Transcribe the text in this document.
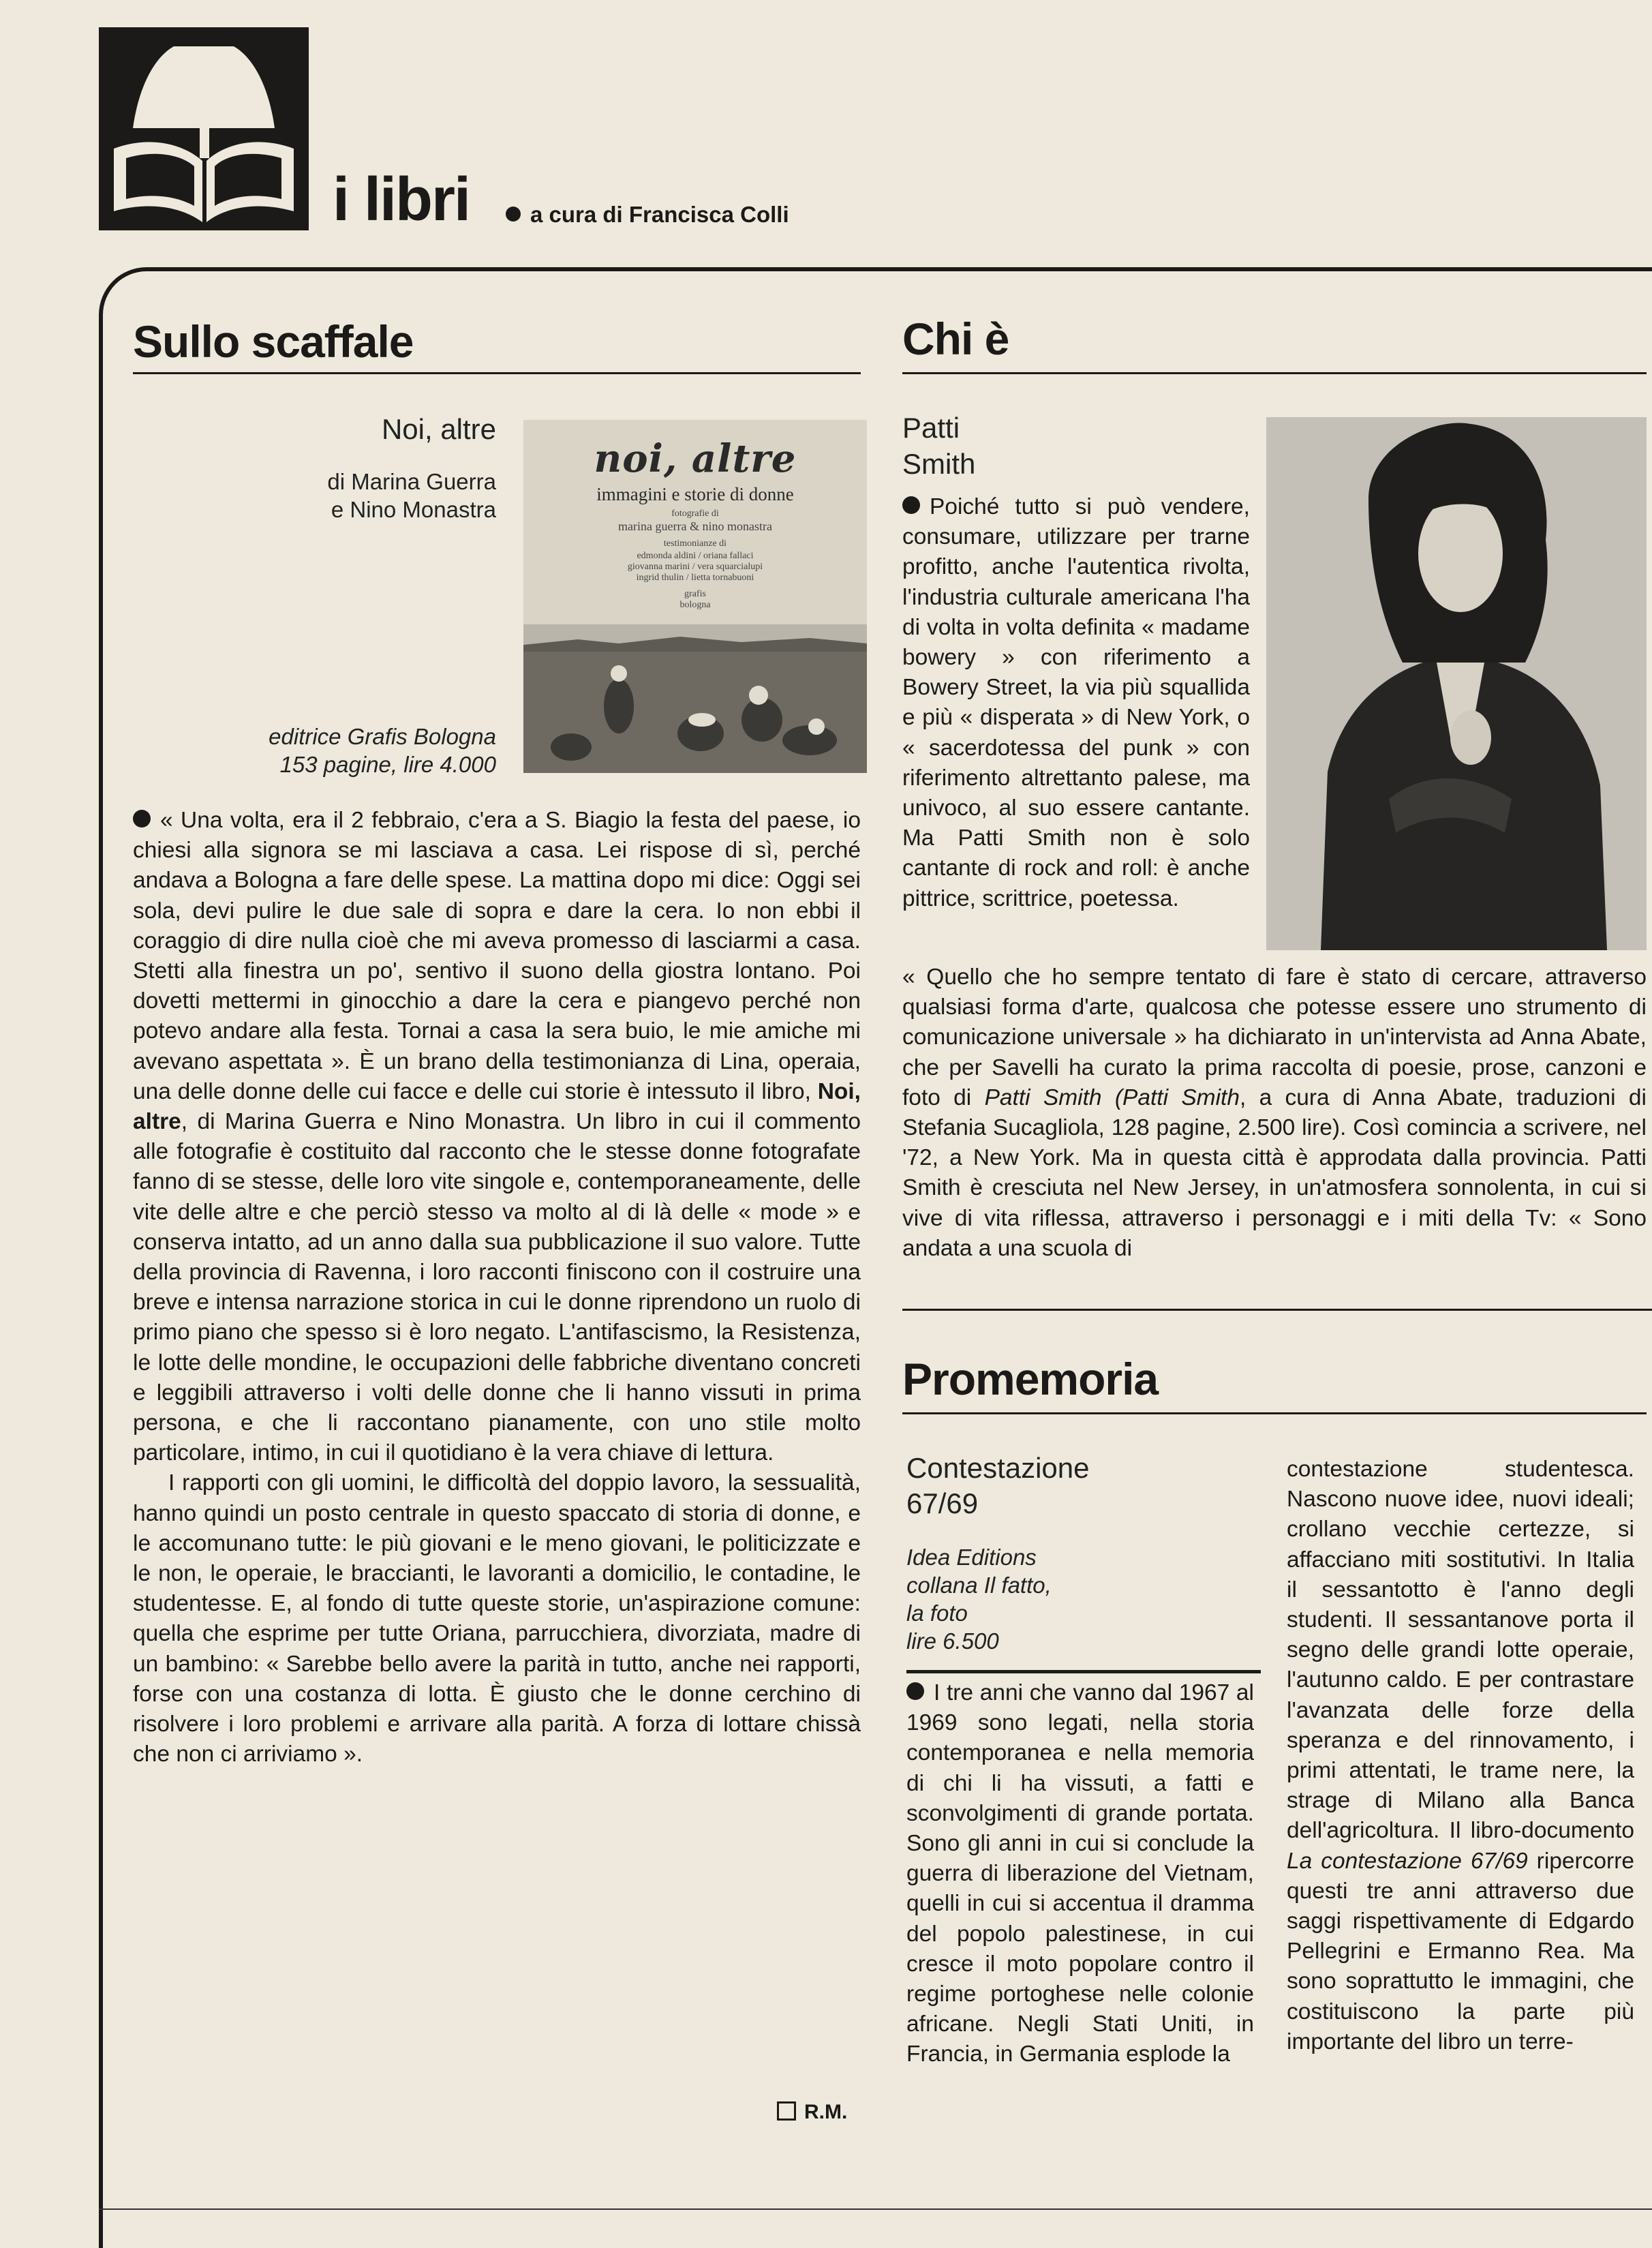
i libri	a cura di Francisca Colli
Sullo scaffale
Noi, altre
di Marina Guerra
e Nino Monastra
editrice Grafis Bologna
153 pagine, lire 4.000
noi, altre
immagini e storie di donne
fotografie di
marina guerra & nino monastra
testimonianze di
edmonda aldini / oriana fallaci
giovanna marini / vera squarcialupi
ingrid thulin / lietta tornabuoni
grafis
bologna

« Una volta, era il 2 febbraio, c'era a S. Biagio la festa del paese, io chiesi alla signora se mi lasciava a casa. Lei rispose di sì, perché andava a Bologna a fare delle spese. La mattina dopo mi dice: Oggi sei sola, devi pulire le due sale di sopra e dare la cera. Io non ebbi il coraggio di dire nulla cioè che mi aveva promesso di lasciarmi a casa. Stetti alla finestra un po', sentivo il suono della giostra lontano. Poi dovetti mettermi in ginocchio a dare la cera e piangevo perché non potevo andare alla festa. Tornai a casa la sera buio, le mie amiche mi avevano aspettata ». È un brano della testimonianza di Lina, operaia, una delle donne delle cui facce e delle cui storie è intessuto il libro, Noi, altre, di Marina Guerra e Nino Monastra. Un libro in cui il commento alle fotografie è costituito dal racconto che le stesse donne fotografate fanno di se stesse, delle loro vite singole e, contemporaneamente, delle vite delle altre e che perciò stesso va molto al di là delle « mode » e conserva intatto, ad un anno dalla sua pubblicazione il suo valore. Tutte della provincia di Ravenna, i loro racconti finiscono con il costruire una breve e intensa narrazione storica in cui le donne riprendono un ruolo di primo piano che spesso si è loro negato. L'antifascismo, la Resistenza, le lotte delle mondine, le occupazioni delle fabbriche diventano concreti e leggibili attraverso i volti delle donne che li hanno vissuti in prima persona, e che li raccontano pianamente, con uno stile molto particolare, intimo, in cui il quotidiano è la vera chiave di lettura.

I rapporti con gli uomini, le difficoltà del doppio lavoro, la sessualità, hanno quindi un posto centrale in questo spaccato di storia di donne, e le accomunano tutte: le più giovani e le meno giovani, le politicizzate e le non, le operaie, le braccianti, le lavoranti a domicilio, le contadine, le studentesse. E, al fondo di tutte queste storie, un'aspirazione comune: quella che esprime per tutte Oriana, parrucchiera, divorziata, madre di un bambino: « Sarebbe bello avere la parità in tutto, anche nei rapporti, forse con una costanza di lotta. È giusto che le donne cerchino di risolvere i loro problemi e arrivare alla parità. A forza di lottare chissà che non ci arriviamo ».

R.M.
Chi è
Patti
Smith

Poiché tutto si può vendere, consumare, utilizzare per trarne profitto, anche l'autentica rivolta, l'industria culturale americana l'ha di volta in volta definita « madame bowery » con riferimento a Bowery Street, la via più squallida e più « disperata » di New York, o « sacerdotessa del punk » con riferimento altrettanto palese, ma univoco, al suo essere cantante. Ma Patti Smith non è solo cantante di rock and roll: è anche pittrice, scrittrice, poetessa.

« Quello che ho sempre tentato di fare è stato di cercare, attraverso qualsiasi forma d'arte, qualcosa che potesse essere uno strumento di comunicazione universale » ha dichiarato in un'intervista ad Anna Abate, che per Savelli ha curato la prima raccolta di poesie, prose, canzoni e foto di Patti Smith (Patti Smith, a cura di Anna Abate, traduzioni di Stefania Sucagliola, 128 pagine, 2.500 lire). Così comincia a scrivere, nel '72, a New York. Ma in questa città è approdata dalla provincia. Patti Smith è cresciuta nel New Jersey, in un'atmosfera sonnolenta, in cui si vive di vita riflessa, attraverso i personaggi e i miti della Tv: « Sono andata a una scuola di

Promemoria
Contestazione
67/69
Idea Editions
collana Il fatto,
la foto
lire 6.500

I tre anni che vanno dal 1967 al 1969 sono legati, nella storia contemporanea e nella memoria di chi li ha vissuti, a fatti e sconvolgimenti di grande portata. Sono gli anni in cui si conclude la guerra di liberazione del Vietnam, quelli in cui si accentua il dramma del popolo palestinese, in cui cresce il moto popolare contro il regime portoghese nelle colonie africane. Negli Stati Uniti, in Francia, in Germania esplode la

contestazione studentesca. Nascono nuove idee, nuovi ideali; crollano vecchie certezze, si affacciano miti sostitutivi. In Italia il sessantotto è l'anno degli studenti. Il sessantanove porta il segno delle grandi lotte operaie, l'autunno caldo. E per contrastare l'avanzata delle forze della speranza e del rinnovamento, i primi attentati, le trame nere, la strage di Milano alla Banca dell'agricoltura. Il libro-documento La contestazione 67/69 ripercorre questi tre anni attraverso due saggi rispettivamente di Edgardo Pellegrini e Ermanno Rea. Ma sono soprattutto le immagini, che costituiscono la parte più importante del libro un terre-
